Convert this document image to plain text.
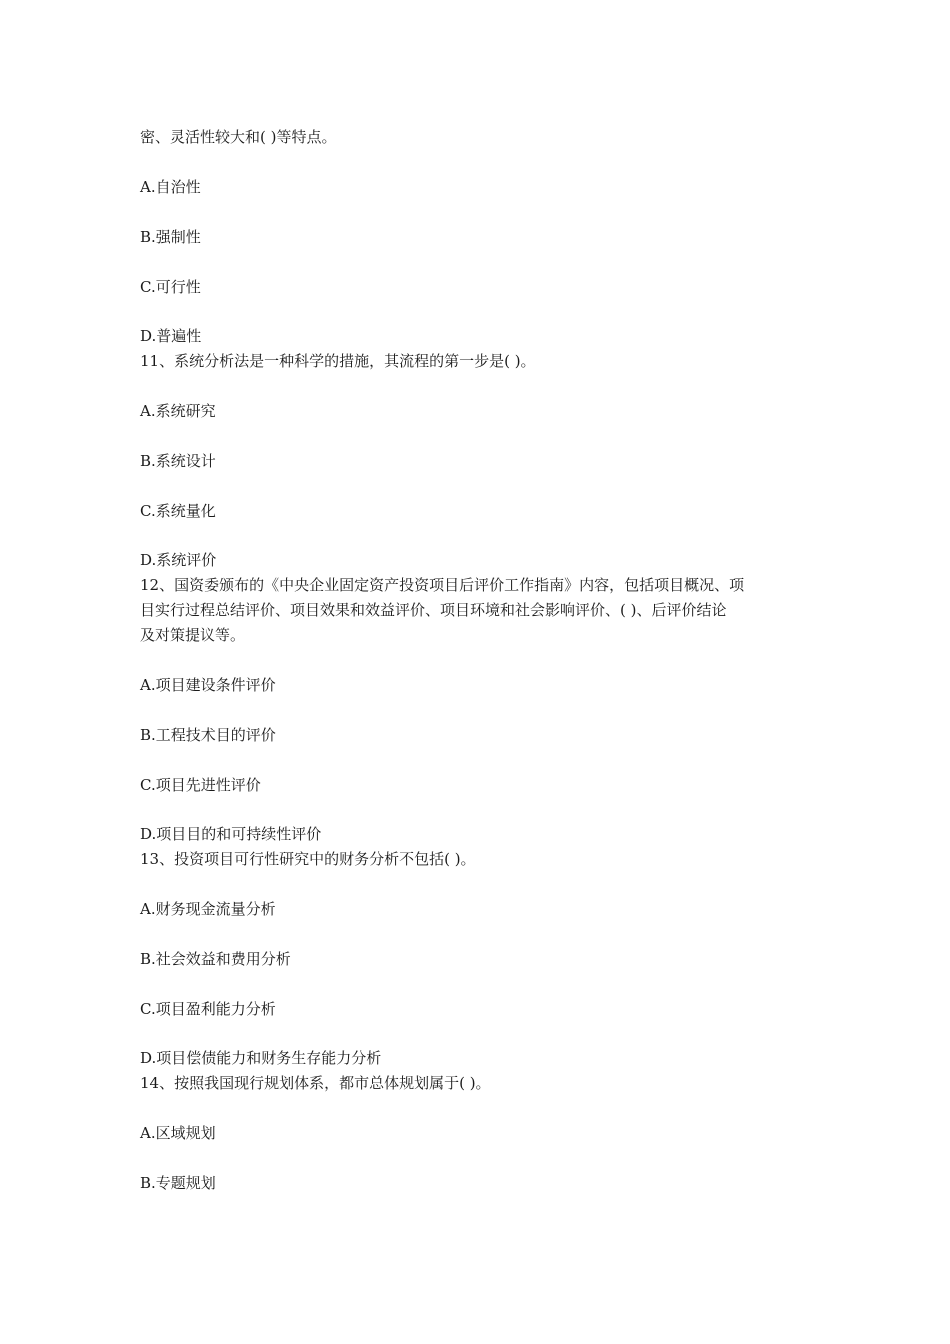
密、灵活性较大和( )等特点。
A.自治性
B.强制性
C.可行性
D.普遍性
11、系统分析法是一种科学的措施，其流程的第一步是( )。
A.系统研究
B.系统设计
C.系统量化
D.系统评价
12、国资委颁布的《中央企业固定资产投资项目后评价工作指南》内容，包括项目概况、项
目实行过程总结评价、项目效果和效益评价、项目环境和社会影响评价、( )、后评价结论
及对策提议等。
A.项目建设条件评价
B.工程技术目的评价
C.项目先进性评价
D.项目目的和可持续性评价
13、投资项目可行性研究中的财务分析不包括( )。
A.财务现金流量分析
B.社会效益和费用分析
C.项目盈利能力分析
D.项目偿债能力和财务生存能力分析
14、按照我国现行规划体系，都市总体规划属于( )。
A.区域规划
B.专题规划
